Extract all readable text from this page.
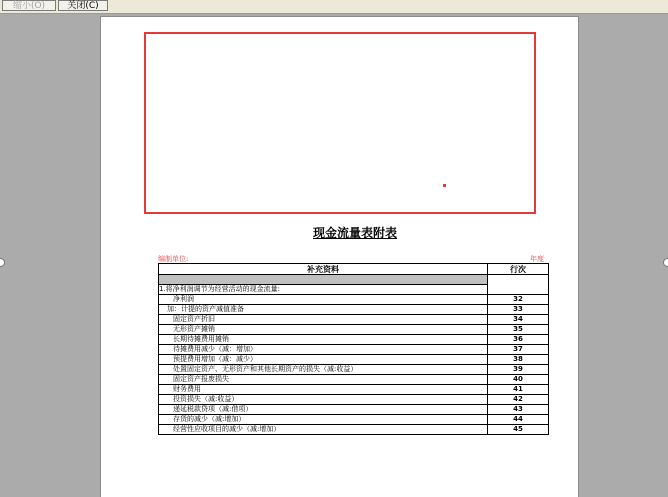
缩小(O)	关闭(C)
现金流量表附表
编制单位:	年度
补充资料	行次

1.将净利润调节为经营活动的现金流量:	
净利润	32
加：计提的资产减值准备	33
固定资产折旧	34
无形资产摊销	35
长期待摊费用摊销	36
待摊费用减少（减：增加）	37
预提费用增加（减：减少）	38
处置固定资产、无形资产和其他长期资产的损失（减:收益）	39
固定资产报废损失	40
财务费用	41
投资损失（减:收益）	42
递延税款贷项（减:借项）	43
存货的减少（减:增加）	44
经营性应收项目的减少（减:增加）	45
